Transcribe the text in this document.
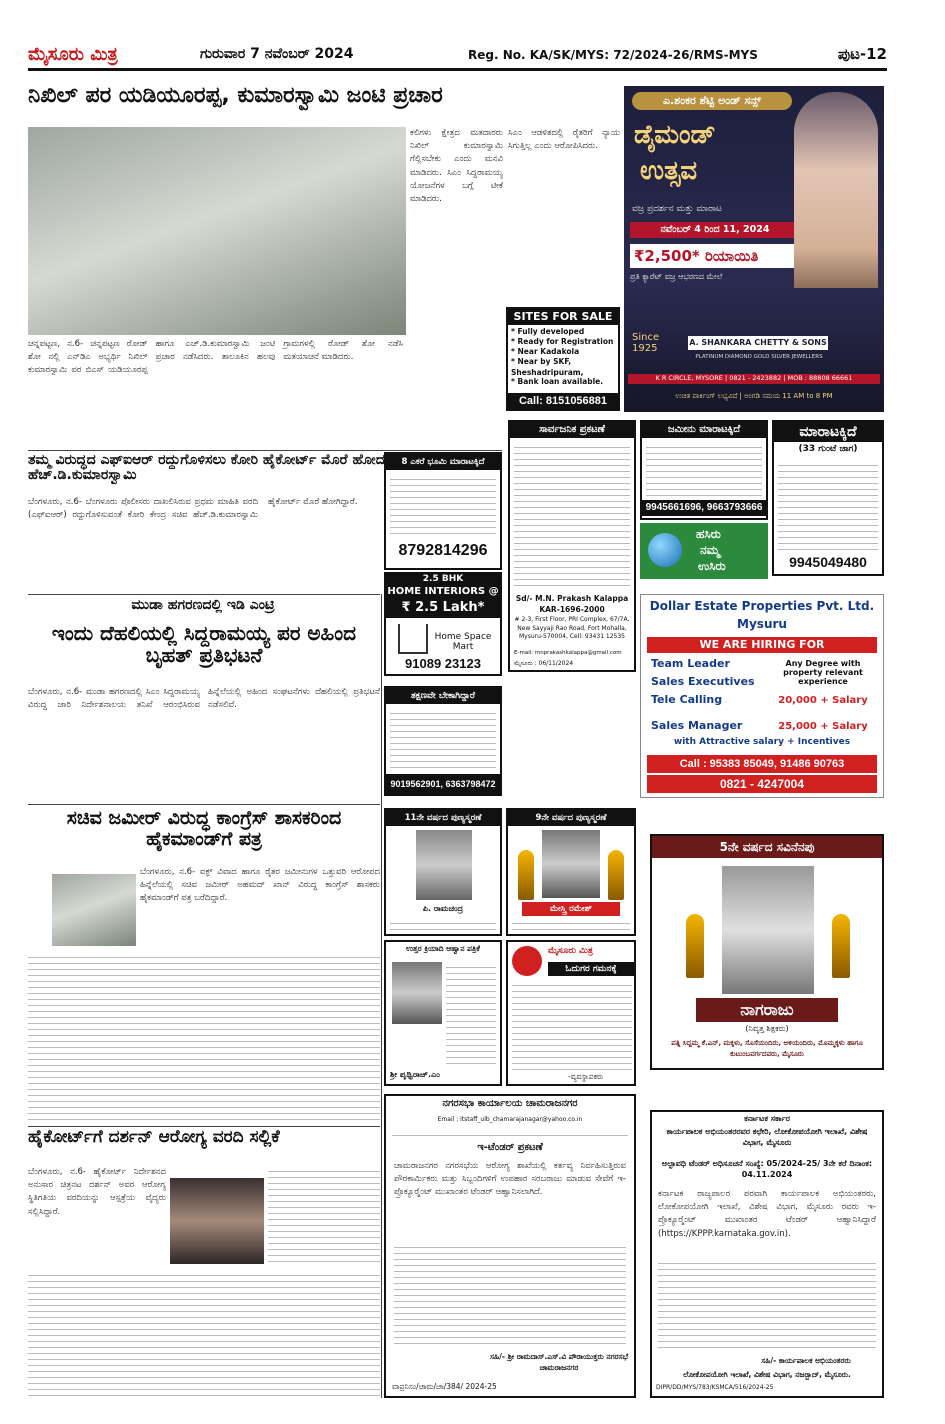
ಮೈಸೂರು ಮಿತ್ರ	ಗುರುವಾರ 7 ನವೆಂಬರ್ 2024	Reg. No. KA/SK/MYS: 72/2024-26/RMS-MYS	ಪುಟ-12
ನಿಖಿಲ್ ಪರ ಯಡಿಯೂರಪ್ಪ, ಕುಮಾರಸ್ವಾಮಿ ಜಂಟಿ ಪ್ರಚಾರ
ಚನ್ನಪಟ್ಟಣ, ನ.6- ಚನ್ನಪಟ್ಟಣ ರೋಡ್ ಶೋ ನಲ್ಲಿ ಎನ್‍ಡಿಎ ಅಭ್ಯರ್ಥಿ ನಿಖಿಲ್ ಕುಮಾರಸ್ವಾಮಿ ಪರ ಬಿಎಸ್ ಯಡಿಯೂರಪ್ಪ ಹಾಗೂ ಎಚ್.ಡಿ.ಕುಮಾರಸ್ವಾಮಿ ಜಂಟಿ ಪ್ರಚಾರ ನಡೆಸಿದರು. ತಾಲೂಕಿನ ಹಲವು ಗ್ರಾಮಗಳಲ್ಲಿ ರೋಡ್ ಶೋ ನಡೆಸಿ ಮತಯಾಚನೆ ಮಾಡಿದರು.
ಕಲಿಗಳು ಕ್ಷೇತ್ರದ ಮತದಾರರು ನಿಖಿಲ್ ಕುಮಾರಸ್ವಾಮಿ ಗೆಲ್ಲಿಸಬೇಕು ಎಂದು ಮನವಿ ಮಾಡಿದರು. ಸಿಎಂ ಸಿದ್ದರಾಮಯ್ಯ ಯೋಜನೆಗಳ ಬಗ್ಗೆ ಟೀಕೆ ಮಾಡಿದರು.
ಸಿಎಂ ಆಡಳಿತದಲ್ಲಿ ರೈತರಿಗೆ ನ್ಯಾಯ ಸಿಗುತ್ತಿಲ್ಲ ಎಂದು ಆರೋಪಿಸಿದರು.
ಎ.ಶಂಕರ ಶೆಟ್ಟಿ ಅಂಡ್ ಸನ್ಸ್
ಡೈಮಂಡ್
ಉತ್ಸವ
ವಜ್ರ ಪ್ರದರ್ಶನ ಮತ್ತು ಮಾರಾಟ
ನವೆಂಬರ್ 4 ರಿಂದ 11, 2024
₹2,500* ರಿಯಾಯಿತಿ
ಪ್ರತಿ ಕ್ಯಾರೆಟ್ ವಜ್ರ ಆಭರಣದ ಮೇಲೆ
Since 1925
A. SHANKARA CHETTY & SONS
PLATINUM DIAMOND GOLD SILVER JEWELLERS
K R CIRCLE, MYSORE | 0821 - 2423882 | MOB : 88808 66661
ಉಚಿತ ಪಾರ್ಕಿಂಗ್ ಲಭ್ಯವಿದೆ | ಅಂಗಡಿ ಸಮಯ 11 AM to 8 PM
SITES FOR SALE
* Fully developed
* Ready for Registration
* Near Kadakola
* Near by SKF, Sheshadripuram,
* Bank loan available.
Call: 8151056881
ತಮ್ಮ ವಿರುದ್ಧದ ಎಫ್‍ಐಆರ್ ರದ್ದುಗೊಳಿಸಲು ಕೋರಿ ಹೈಕೋರ್ಟ್ ಮೊರೆ ಹೋದ ಹೆಚ್.ಡಿ.ಕುಮಾರಸ್ವಾಮಿ
ಬೆಂಗಳೂರು, ನ.6- ಬೆಂಗಳೂರು ಪೊಲೀಸರು ದಾಖಲಿಸಿರುವ ಪ್ರಥಮ ಮಾಹಿತಿ ವರದಿ (ಎಫ್‍ಐಆರ್) ರದ್ದುಗೊಳಿಸುವಂತೆ ಕೋರಿ ಕೇಂದ್ರ ಸಚಿವ ಹೆಚ್.ಡಿ.ಕುಮಾರಸ್ವಾಮಿ ಹೈಕೋರ್ಟ್ ಮೊರೆ ಹೋಗಿದ್ದಾರೆ.
8 ಎಕರೆ ಭೂಮಿ ಮಾರಾಟಕ್ಕಿದೆ
8792814296
2.5 BHK
HOME INTERIORS @
₹ 2.5 Lakh*
Home Space Mart
91089 23123
ಸಾರ್ವಜನಿಕ ಪ್ರಕಟಣೆ
Sd/- M.N. Prakash Kalappa KAR-1696-2000
# 2-3, First Floor, PRI Complex, 67/7A, New Sayyaji Rao Road, Fort Mohalla, Mysuru-570004, Cell: 93431 12535
E-mail: mnprakashkalappa@gmail.com
ಮೈಸೂರು : 06/11/2024
ಜಮೀನು ಮಾರಾಟಕ್ಕಿದೆ
9945661696, 9663793666
ಹಸಿರು
ನಮ್ಮ
ಉಸಿರು
ಮಾರಾಟಕ್ಕಿದೆ
(33 ಗುಂಟೆ ಜಾಗ)
9945049480
ಮುಡಾ ಹಗರಣದಲ್ಲಿ ಇಡಿ ಎಂಟ್ರಿ
ಇಂದು ದೆಹಲಿಯಲ್ಲಿ ಸಿದ್ದರಾಮಯ್ಯ ಪರ ಅಹಿಂದ ಬೃಹತ್ ಪ್ರತಿಭಟನೆ
ಬೆಂಗಳೂರು, ನ.6- ಮುಡಾ ಹಗರಣದಲ್ಲಿ ಸಿಎಂ ಸಿದ್ದರಾಮಯ್ಯ ವಿರುದ್ಧ ಜಾರಿ ನಿರ್ದೇಶನಾಲಯ ತನಿಖೆ ಆರಂಭಿಸಿರುವ ಹಿನ್ನೆಲೆಯಲ್ಲಿ ಅಹಿಂದ ಸಂಘಟನೆಗಳು ದೆಹಲಿಯಲ್ಲಿ ಪ್ರತಿಭಟನೆ ನಡೆಸಲಿವೆ.
ತಕ್ಷಣವೇ ಬೇಕಾಗಿದ್ದಾರೆ
9019562901, 6363798472
Dollar Estate Properties Pvt. Ltd.
Mysuru
WE ARE HIRING FOR
Team Leader
Sales Executives
Tele Calling
Any Degree with property relevant experience
20,000 + Salary
Sales Manager	25,000 + Salary
with Attractive salary + Incentives
Call : 95383 85049, 91486 90763
0821 - 4247004
ಸಚಿವ ಜಮೀರ್ ವಿರುದ್ಧ ಕಾಂಗ್ರೆಸ್ ಶಾಸಕರಿಂದ ಹೈಕಮಾಂಡ್‍ಗೆ ಪತ್ರ
ಬೆಂಗಳೂರು, ನ.6- ವಕ್ಫ್ ವಿವಾದ ಹಾಗೂ ರೈತರ ಜಮೀನುಗಳ ಒತ್ತುವರಿ ಆರೋಪದ ಹಿನ್ನೆಲೆಯಲ್ಲಿ ಸಚಿವ ಜಮೀರ್ ಅಹಮದ್ ಖಾನ್ ವಿರುದ್ಧ ಕಾಂಗ್ರೆಸ್ ಶಾಸಕರು ಹೈಕಮಾಂಡ್‍ಗೆ ಪತ್ರ ಬರೆದಿದ್ದಾರೆ.
11ನೇ ವರ್ಷದ ಪುಣ್ಯಸ್ಮರಣೆ
ಪಿ. ರಾಮಚಂದ್ರ
9ನೇ ವರ್ಷದ ಪುಣ್ಯಸ್ಮರಣೆ
ಮೇಸ್ತ್ರಿ ರಮೇಶ್
5ನೇ ವರ್ಷದ ಸವಿನೆನಪು
ನಾಗರಾಜು
(ನಿವೃತ್ತ ಶಿಕ್ಷಕರು)
ಪತ್ನಿ ಸಿದ್ದಮ್ಮ ಕೆ.ಎನ್, ಮಕ್ಕಳು, ಸೊಸೆಯಂದಿರು, ಅಳಿಯಂದಿರು, ಮೊಮ್ಮಕ್ಕಳು ಹಾಗೂ ಕುಟುಂಬವರ್ಗದವರು, ಮೈಸೂರು
ಉತ್ತರ ಕ್ರಿಯಾದಿ ಆಹ್ವಾನ ಪತ್ರಿಕೆ
ಶ್ರೀ ಪೃಥ್ವಿರಾಜ್.ಎಂ
ಮೈಸೂರು ಮಿತ್ರ
ಓದುಗರ ಗಮನಕ್ಕೆ
-ವ್ಯವಸ್ಥಾಪಕರು
ಹೈಕೋರ್ಟ್‍ಗೆ ದರ್ಶನ್ ಆರೋಗ್ಯ ವರದಿ ಸಲ್ಲಿಕೆ
ಬೆಂಗಳೂರು, ನ.6- ಹೈಕೋರ್ಟ್ ನಿರ್ದೇಶನದ ಅನುಸಾರ ಚಿತ್ರನಟ ದರ್ಶನ್ ಅವರ ಆರೋಗ್ಯ ಸ್ಥಿತಿಗತಿಯ ವರದಿಯನ್ನು ಆಸ್ಪತ್ರೆಯ ವೈದ್ಯರು ಸಲ್ಲಿಸಿದ್ದಾರೆ.
ನಗರಸಭಾ ಕಾರ್ಯಾಲಯ ಚಾಮರಾಜನಗರ
Email : itstaff_ulb_chamarajanagar@yahoo.co.in
ಇ-ಟೆಂಡರ್ ಪ್ರಕಟಣೆ
ಚಾಮರಾಜನಗರ ನಗರಸಭೆಯ ಆರೋಗ್ಯ ಶಾಖೆಯಲ್ಲಿ ಕರ್ತವ್ಯ ನಿರ್ವಹಿಸುತ್ತಿರುವ ಪೌರಕಾರ್ಮಿಕರು ಮತ್ತು ಸಿಬ್ಬಂದಿಗಳಿಗೆ ಉಪಹಾರ ಸರಬರಾಜು ಮಾಡುವ ಸೇವೆಗೆ ಇ-ಪ್ರೊಕ್ಯೂರ್‍ಮೆಂಟ್ ಮುಖಾಂತರ ಟೆಂಡರ್ ಆಹ್ವಾನಿಸಲಾಗಿದೆ.
ಸಹಿ/- ಶ್ರೀ ರಾಮದಾಸ್.ಎಸ್.ವಿ ಪೌರಾಯುಕ್ತರು ನಗರಸಭೆ ಚಾಮರಾಜನಗರ
ವಾಪ್ರನಿಸಂ/ಚಾಮ/ಜಾ/384/ 2024-25
ಕರ್ನಾಟಕ ಸರ್ಕಾರ
ಕಾರ್ಯಪಾಲಕ ಅಭಿಯಂತರರವರ ಕಛೇರಿ, ಲೋಕೋಪಯೋಗಿ ಇಲಾಖೆ, ವಿಶೇಷ ವಿಭಾಗ, ಮೈಸೂರು
ಅಲ್ಪಾವಧಿ ಟೆಂಡರ್ ಅಧಿಸೂಚನೆ ಸಂಖ್ಯೆ: 05/2024-25/ 3ನೇ ಕರೆ ದಿನಾಂಕ: 04.11.2024
ಕರ್ನಾಟಕ ರಾಜ್ಯಪಾಲರ ಪರವಾಗಿ ಕಾರ್ಯಪಾಲಕ ಅಭಿಯಂತರರು, ಲೋಕೋಪಯೋಗಿ ಇಲಾಖೆ, ವಿಶೇಷ ವಿಭಾಗ, ಮೈಸೂರು ರವರು ಇ-ಪ್ರೊಕ್ಯೂರ್‍ಮೆಂಟ್ ಮುಖಾಂತರ ಟೆಂಡರ್ ಆಹ್ವಾನಿಸಿದ್ದಾರೆ (https://KPPP.karnataka.gov.in).
ಸಹಿ/- ಕಾರ್ಯಪಾಲಕ ಅಭಿಯಂತರರು
ಲೋಕೋಪಯೋಗಿ ಇಲಾಖೆ, ವಿಶೇಷ ವಿಭಾಗ, ನಜರ್‍ಬಾದ್, ಮೈಸೂರು.
DIPR/DD/MYS/783/KSMCA/516/2024-25
